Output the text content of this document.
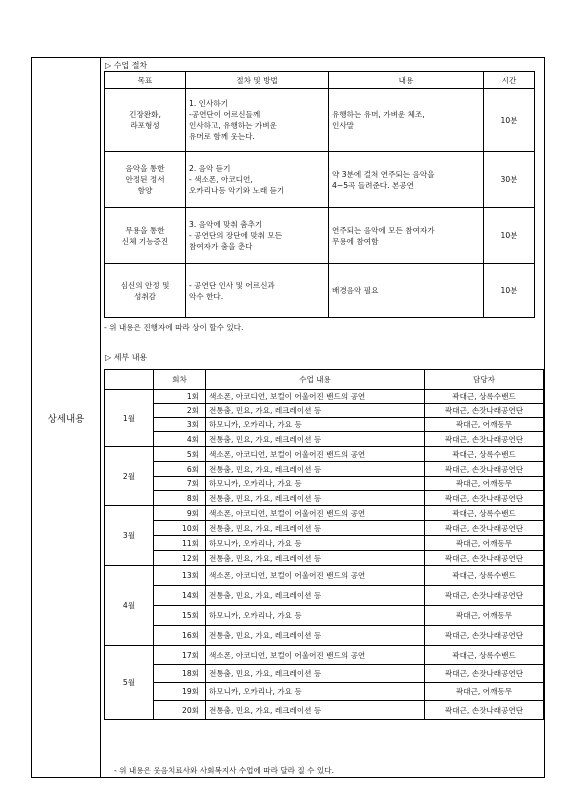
상세내용
▷ 수업 절차
목표	절차 및 방법	내용	시간
긴장완화,
라포형성	1. 인사하기
-공연단이 어르신들께
인사하고, 유행하는 가벼운
유머로 함께 웃는다.	유행하는 유머, 가벼운 체조,
인사말	10분
음악을 통한
안정된 정서
함양	2. 음악 듣기
- 색소폰, 아코디언,
오카리나등 악기와 노래 듣기	약 3분에 걸쳐 연주되는 음악을
4~5곡 들려준다. 본공연	30분
무용을 통한
신체 기능증진	3. 음악에 맞춰 춤추기
- 공연단의 장단에 맞춰 모든
참여자가 춤을 춘다	연주되는 음악에 모든 참여자가
무용에 참여함	10분
심신의 안정 및
성취감	- 공연단 인사 및 어르신과
악수 한다.	배경음악 필요	10분
- 위 내용은 진행자에 따라 상이 할수 있다.
▷ 세부 내용
	회차	수업 내용	담당자
1월	1회	색소폰, 아코디언, 보컬이 어울어진 밴드의 공연	곽대근, 상록수밴드
	2회	전통춤, 민요, 가요, 레크레이션 등	곽대근, 손잣나래공연단
	3회	하모니카, 오카리나, 가요 등	곽대근, 어깨동무
	4회	전통춤, 민요, 가요, 레크레이션 등	곽대근, 손잣나래공연단
2월	5회	색소폰, 아코디언, 보컬이 어울어진 밴드의 공연	곽대근, 상록수밴드
	6회	전통춤, 민요, 가요, 레크레이션 등	곽대근, 손잣나래공연단
	7회	하모니카, 오카리나, 가요 등	곽대근, 어깨동무
	8회	전통춤, 민요, 가요, 레크레이션 등	곽대근, 손잣나래공연단
3월	9회	색소폰, 아코디언, 보컬이 어울어진 밴드의 공연	곽대근, 상록수밴드
	10회	전통춤, 민요, 가요, 레크레이션 등	곽대근, 손잣나래공연단
	11회	하모니카, 오카리나, 가요 등	곽대근, 어깨동무
	12회	전통춤, 민요, 가요, 레크레이션 등	곽대근, 손잣나래공연단
4월	13회	색소폰, 아코디언, 보컬이 어울어진 밴드의 공연	곽대근, 상록수밴드
	14회	전통춤, 민요, 가요, 레크레이션 등	곽대근, 손잣나래공연단
	15회	하모니카, 오카리나, 가요 등	곽대근, 어깨동무
	16회	전통춤, 민요, 가요, 레크레이션 등	곽대근, 손잣나래공연단
5월	17회	색소폰, 아코디언, 보컬이 어울어진 밴드의 공연	곽대근, 상록수밴드
	18회	전통춤, 민요, 가요, 레크레이션 등	곽대근, 손잣나래공연단
	19회	하모니카, 오카리나, 가요 등	곽대근, 어깨동무
	20회	전통춤, 민요, 가요, 레크레이션 등	곽대근, 손잣나래공연단
- 위 내용은 웃음치료사와 사회복지사 수업에 따라 달라 질 수 있다.
